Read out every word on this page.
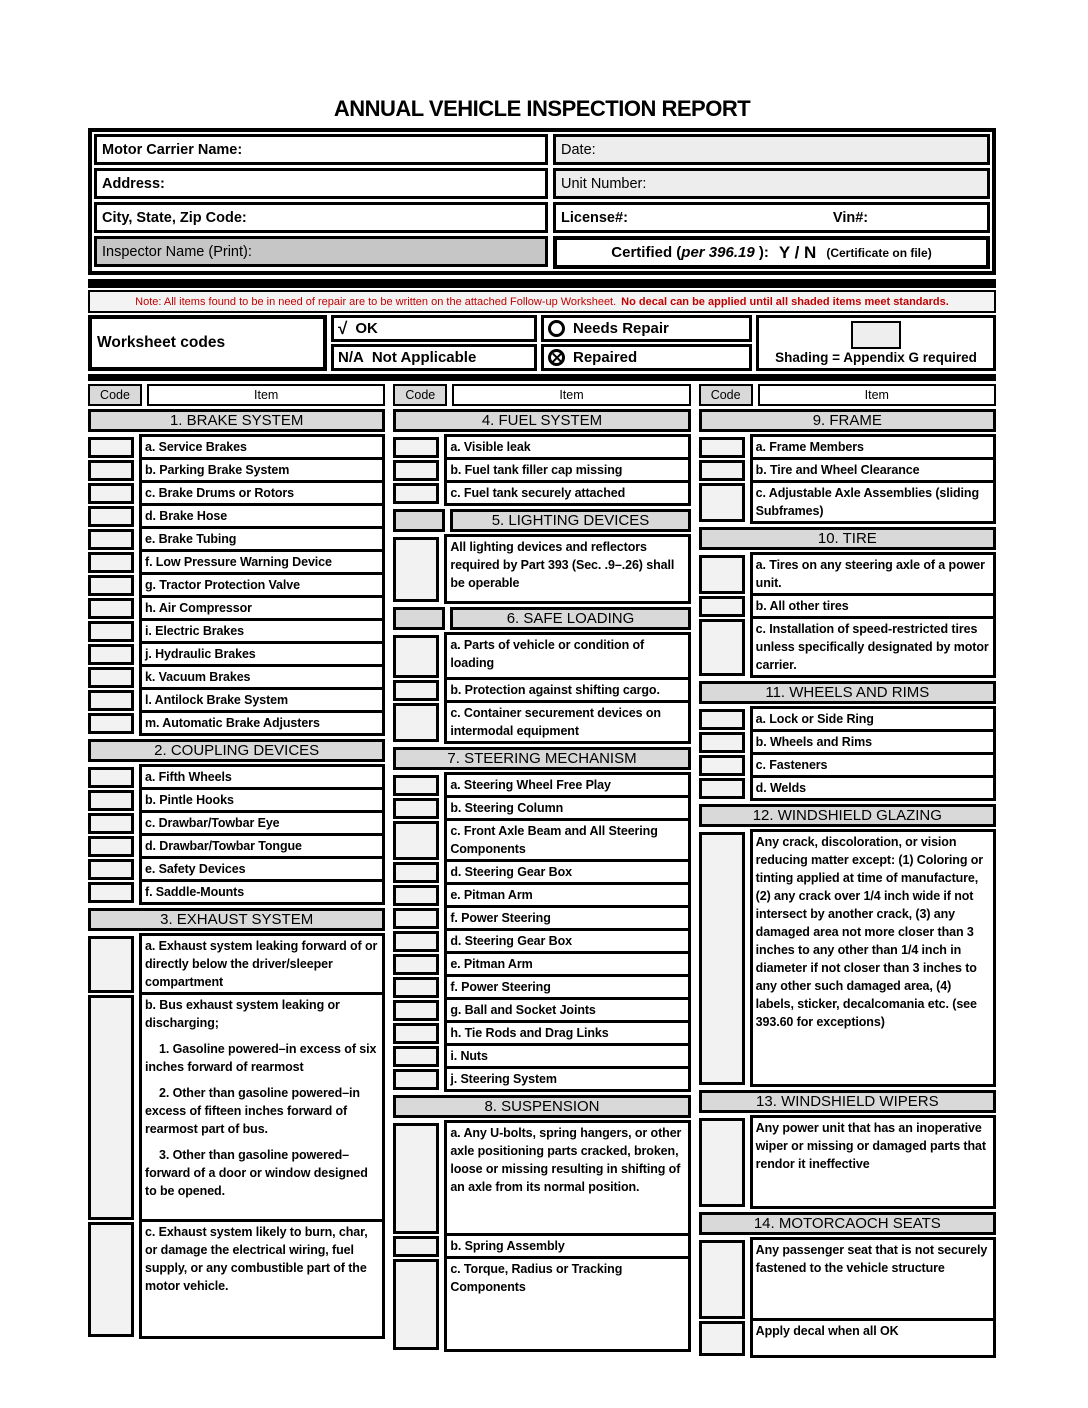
ANNUAL VEHICLE INSPECTION REPORT
Motor Carrier Name:	Date:
Address:	Unit Number:
City, State, Zip Code:	License#:	Vin#:
Inspector Name (Print):	Certified (per 396.19 ): Y / N (Certificate on file)
Note: All items found to be in need of repair are to be written on the attached Follow-up Worksheet. No decal can be applied until all shaded items meet standards.
Worksheet codes
√ OK
N/A Not Applicable
Needs Repair
Repaired	Shading = Appendix G required
Code	Item	Code	Item	Code	Item
1. BRAKE SYSTEM
a. Service Brakes
b. Parking Brake System
c. Brake Drums or Rotors
d. Brake Hose
e. Brake Tubing
f. Low Pressure Warning Device
g. Tractor Protection Valve
h. Air Compressor
i. Electric Brakes
j. Hydraulic Brakes
k. Vacuum Brakes
l. Antilock Brake System
m. Automatic Brake Adjusters
2. COUPLING DEVICES
a. Fifth Wheels
b. Pintle Hooks
c. Drawbar/Towbar Eye
d. Drawbar/Towbar Tongue
e. Safety Devices
f. Saddle-Mounts
3. EXHAUST SYSTEM
a. Exhaust system leaking forward of or directly below the driver/sleeper compartment
b. Bus exhaust system leaking or discharging;
1. Gasoline powered–in excess of six inches forward of rearmost
2. Other than gasoline powered–in excess of fifteen inches forward of rearmost part of bus.
3. Other than gasoline powered–forward of a door or window designed to be opened.
c. Exhaust system likely to burn, char, or damage the electrical wiring, fuel supply, or any combustible part of the motor vehicle.
4. FUEL SYSTEM
a. Visible leak
b. Fuel tank filler cap missing
c. Fuel tank securely attached
5. LIGHTING DEVICES
All lighting devices and reflectors required by Part 393 (Sec. .9–.26) shall be operable
6. SAFE LOADING
a. Parts of vehicle or condition of loading
b. Protection against shifting cargo.
c. Container securement devices on intermodal equipment
7. STEERING MECHANISM
a. Steering Wheel Free Play
b. Steering Column
c. Front Axle Beam and All Steering Components
d. Steering Gear Box
e. Pitman Arm
f. Power Steering
d. Steering Gear Box
e. Pitman Arm
f. Power Steering
g. Ball and Socket Joints
h. Tie Rods and Drag Links
i. Nuts
j. Steering System
8. SUSPENSION
a. Any U-bolts, spring hangers, or other axle positioning parts cracked, broken, loose or missing resulting in shifting of an axle from its normal position.
b. Spring Assembly
c. Torque, Radius or Tracking Components
9. FRAME
a. Frame Members
b. Tire and Wheel Clearance
c. Adjustable Axle Assemblies (sliding Subframes)
10. TIRE
a. Tires on any steering axle of a power unit.
b. All other tires
c. Installation of speed-restricted tires unless specifically designated by motor carrier.
11. WHEELS AND RIMS
a. Lock or Side Ring
b. Wheels and Rims
c. Fasteners
d. Welds
12. WINDSHIELD GLAZING
Any crack, discoloration, or vision reducing matter except: (1) Coloring or tinting applied at time of manufacture, (2) any crack over 1/4 inch wide if not intersect by another crack, (3) any damaged area not more closer than 3 inches to any other than 1/4 inch in diameter if not closer than 3 inches to any other such damaged area, (4) labels, sticker, decalcomania etc. (see 393.60 for exceptions)
13. WINDSHIELD WIPERS
Any power unit that has an inoperative wiper or missing or damaged parts that rendor it ineffective
14. MOTORCAOCH SEATS
Any passenger seat that is not securely fastened to the vehicle structure
Apply decal when all OK
